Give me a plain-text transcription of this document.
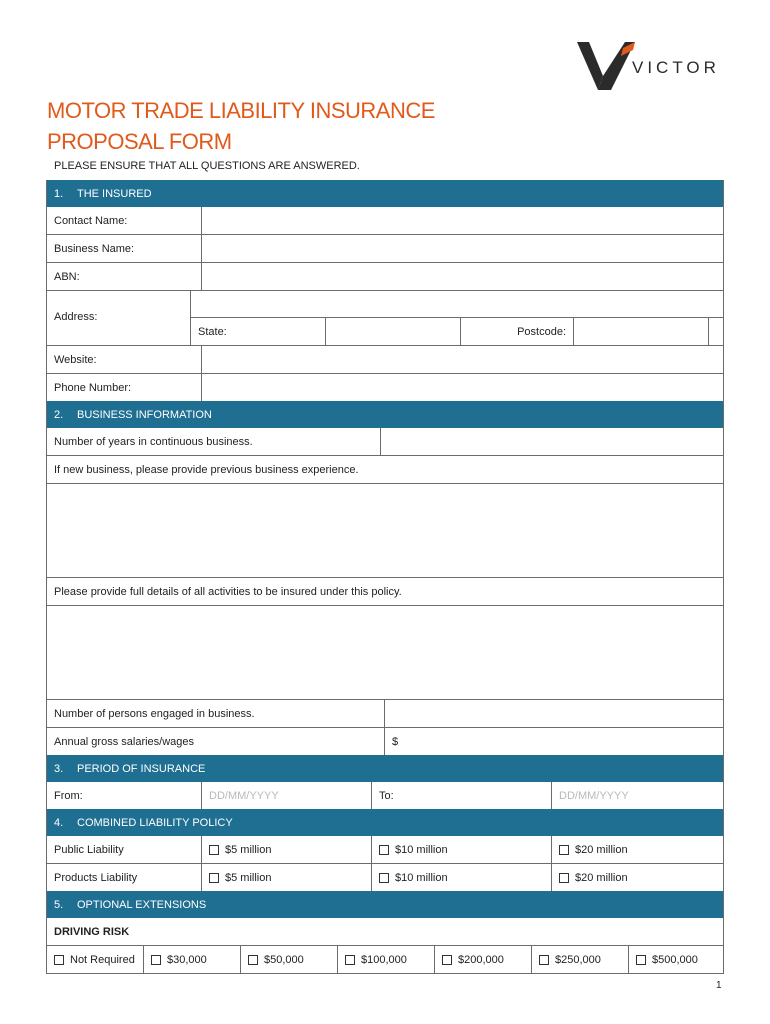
VICTOR
MOTOR TRADE LIABILITY INSURANCE
PROPOSAL FORM
PLEASE ENSURE THAT ALL QUESTIONS ARE ANSWERED.
1.	THE INSURED
Contact Name:
Business Name:
ABN:
Address:
State:	Postcode:
Website:
Phone Number:
2.	BUSINESS INFORMATION
Number of years in continuous business.
If new business, please provide previous business experience.
Please provide full details of all activities to be insured under this policy.
Number of persons engaged in business.
Annual gross salaries/wages	$
3.	PERIOD OF INSURANCE
From:	DD/MM/YYYY	To:	DD/MM/YYYY
4.	COMBINED LIABILITY POLICY
Public Liability	$5 million	$10 million	$20 million
Products Liability	$5 million	$10 million	$20 million
5.	OPTIONAL EXTENSIONS
DRIVING RISK
Not Required	$30,000	$50,000	$100,000	$200,000	$250,000	$500,000
1
